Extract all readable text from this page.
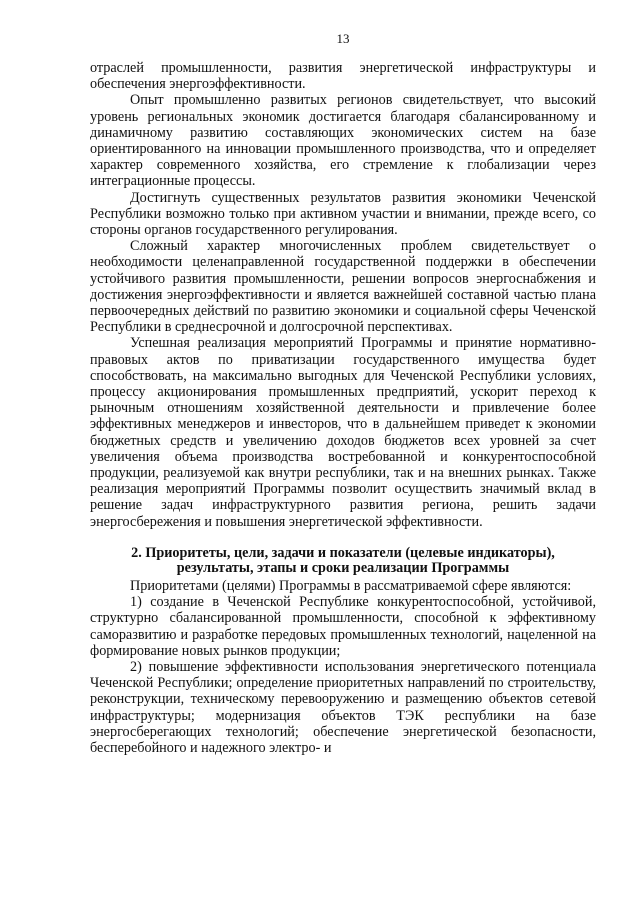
13

отраслей промышленности, развития энергетической инфраструктуры и обеспечения энергоэффективности.

Опыт промышленно развитых регионов свидетельствует, что высокий уровень региональных экономик достигается благодаря сбалансированному и динамичному развитию составляющих экономических систем на базе ориентированного на инновации промышленного производства, что и определяет характер современного хозяйства, его стремление к глобализации через интеграционные процессы.

Достигнуть существенных результатов развития экономики Чеченской Республики возможно только при активном участии и внимании, прежде всего, со стороны органов государственного регулирования.

Сложный характер многочисленных проблем свидетельствует о необходимости целенаправленной государственной поддержки в обеспечении устойчивого развития промышленности, решении вопросов энергоснабжения и достижения энергоэффективности и является важнейшей составной частью плана первоочередных действий по развитию экономики и социальной сферы Чеченской Республики в среднесрочной и долгосрочной перспективах.

Успешная реализация мероприятий Программы и принятие нормативно-правовых актов по приватизации государственного имущества будет способствовать, на максимально выгодных для Чеченской Республики условиях, процессу акционирования промышленных предприятий, ускорит переход к рыночным отношениям хозяйственной деятельности и привлечение более эффективных менеджеров и инвесторов, что в дальнейшем приведет к экономии бюджетных средств и увеличению доходов бюджетов всех уровней за счет увеличения объема производства востребованной и конкурентоспособной продукции, реализуемой как внутри республики, так и на внешних рынках. Также реализация мероприятий Программы позволит осуществить значимый вклад в решение задач инфраструктурного развития региона, решить задачи энергосбережения и повышения энергетической эффективности.

2. Приоритеты, цели, задачи и показатели (целевые индикаторы),
результаты, этапы и сроки реализации Программы

Приоритетами (целями) Программы в рассматриваемой сфере являются:

1) создание в Чеченской Республике конкурентоспособной, устойчивой, структурно сбалансированной промышленности, способной к эффективному саморазвитию и разработке передовых промышленных технологий, нацеленной на формирование новых рынков продукции;

2) повышение эффективности использования энергетического потенциала Чеченской Республики; определение приоритетных направлений по строительству, реконструкции, техническому перевооружению и размещению объектов сетевой инфраструктуры; модернизация объектов ТЭК республики на базе энергосберегающих технологий; обеспечение энергетической безопасности, бесперебойного и надежного электро- и
